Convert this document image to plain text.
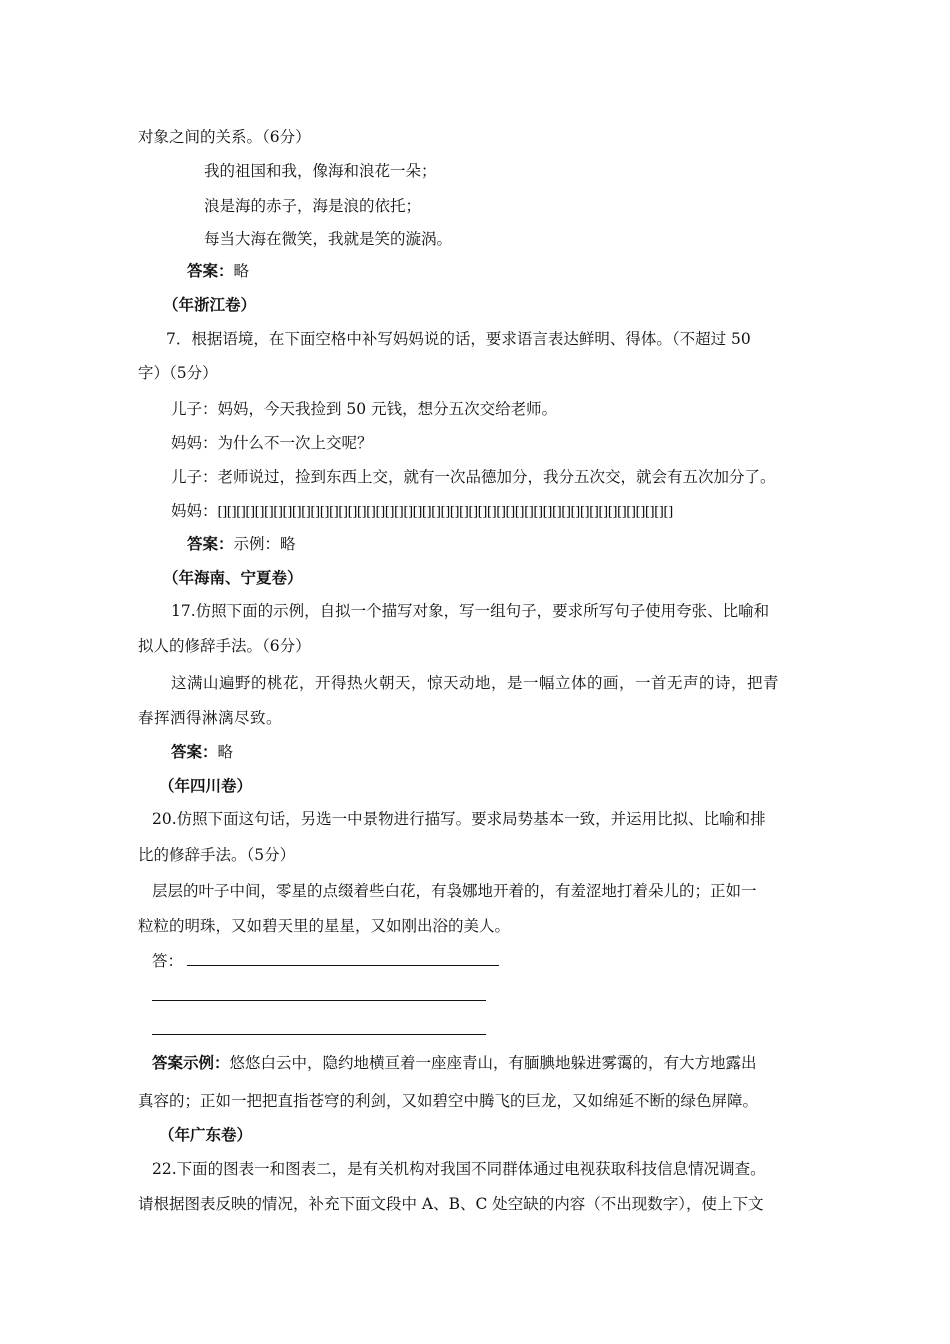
对象之间的关系。（6分）
我的祖国和我，像海和浪花一朵；
浪是海的赤子，海是浪的依托；
每当大海在微笑，我就是笑的漩涡。
答案：略
（年浙江卷）
7．根据语境，在下面空格中补写妈妈说的话，要求语言表达鲜明、得体。（不超过 50
字）（5分）
儿子：妈妈，今天我捡到 50 元钱，想分五次交给老师。
妈妈：为什么不一次上交呢？
儿子：老师说过，捡到东西上交，就有一次品德加分，我分五次交，就会有五次加分了。
妈妈：[][][][][][][][][][][][][][][][][][][][][][][][][][][][][][][][][][][][][][][][][][][][][][][][][]
答案：示例：略
（年海南、宁夏卷）
17.仿照下面的示例，自拟一个描写对象，写一组句子，要求所写句子使用夸张、比喻和
拟人的修辞手法。（6分）
这满山遍野的桃花，开得热火朝天，惊天动地，是一幅立体的画，一首无声的诗，把青
春挥洒得淋漓尽致。
答案：略
（年四川卷）
20.仿照下面这句话，另选一中景物进行描写。要求局势基本一致，并运用比拟、比喻和排
比的修辞手法。（5分）
层层的叶子中间，零星的点缀着些白花，有袅娜地开着的，有羞涩地打着朵儿的；正如一
粒粒的明珠，又如碧天里的星星，又如刚出浴的美人。
答：
答案示例：悠悠白云中，隐约地横亘着一座座青山，有腼腆地躲进雾霭的，有大方地露出
真容的；正如一把把直指苍穹的利剑，又如碧空中腾飞的巨龙，又如绵延不断的绿色屏障。
（年广东卷）
22.下面的图表一和图表二，是有关机构对我国不同群体通过电视获取科技信息情况调查。
请根据图表反映的情况，补充下面文段中 A、B、C 处空缺的内容（不出现数字），使上下文
